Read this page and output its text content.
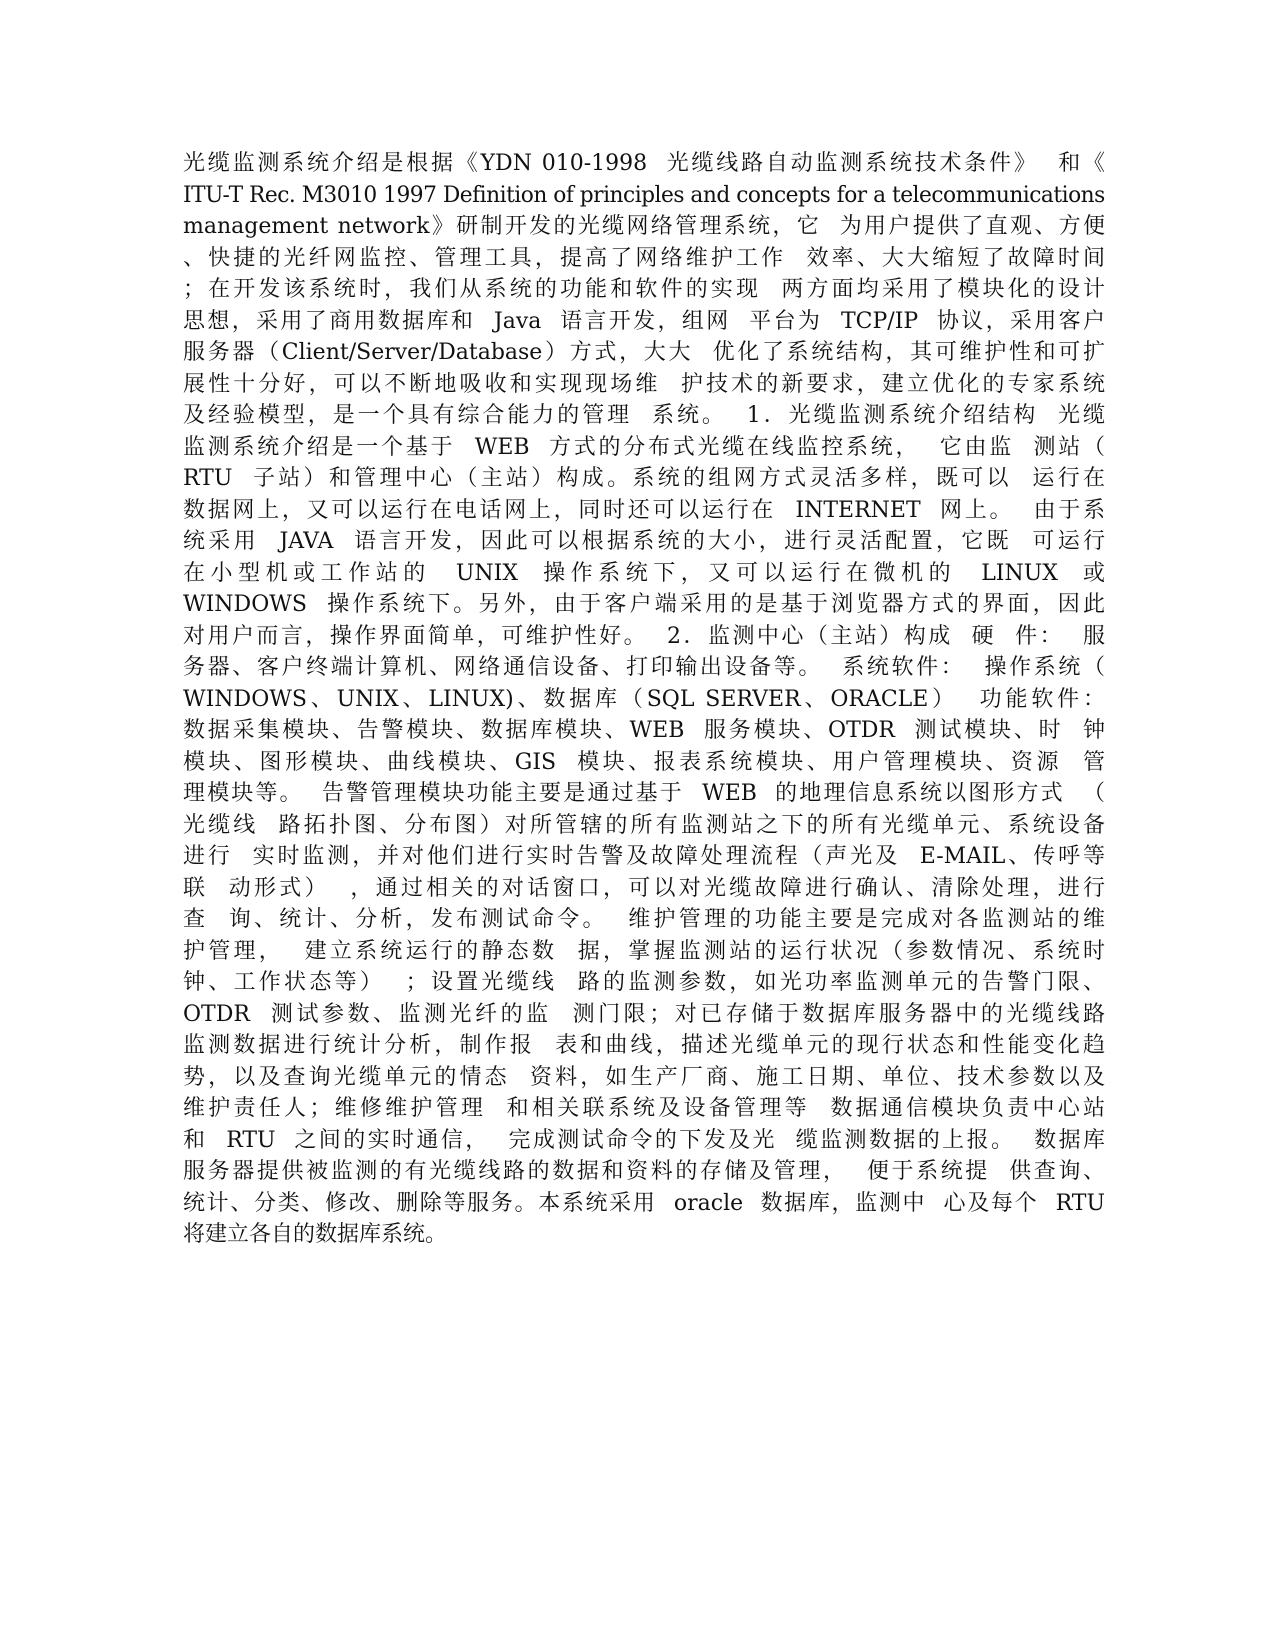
光缆监测系统介绍是根据《YDN 010-1998  光缆线路自动监测系统技术条件》  和《
ITU-T Rec. M3010 1997 Definition of principles and concepts for a telecommunications
management network》研制开发的光缆网络管理系统，它  为用户提供了直观、方便
、快捷的光纤网监控、管理工具，提高了网络维护工作  效率、大大缩短了故障时间
；在开发该系统时，我们从系统的功能和软件的实现  两方面均采用了模块化的设计
思想，采用了商用数据库和  Java  语言开发，组网  平台为  TCP/IP  协议，采用客户
服务器（Client/Server/Database）方式，大大  优化了系统结构，其可维护性和可扩
展性十分好，可以不断地吸收和实现现场维  护技术的新要求，建立优化的专家系统
及经验模型，是一个具有综合能力的管理  系统。  1．光缆监测系统介绍结构  光缆
监测系统介绍是一个基于  WEB  方式的分布式光缆在线监控系统，  它由监  测站（
RTU  子站）和管理中心（主站）构成。系统的组网方式灵活多样，既可以  运行在
数据网上，又可以运行在电话网上，同时还可以运行在  INTERNET  网上。  由于系
统采用  JAVA  语言开发，因此可以根据系统的大小，进行灵活配置，它既  可运行
在小型机或工作站的  UNIX  操作系统下，又可以运行在微机的  LINUX  或
WINDOWS  操作系统下。另外，由于客户端采用的是基于浏览器方式的界面，因此
对用户而言，操作界面简单，可维护性好。  2．监测中心（主站）构成  硬  件：  服
务器、客户终端计算机、网络通信设备、打印输出设备等。  系统软件：  操作系统（
WINDOWS、UNIX、LINUX)、数据库（SQL SERVER、ORACLE）  功能软件：
数据采集模块、告警模块、数据库模块、WEB  服务模块、OTDR  测试模块、时  钟
模块、图形模块、曲线模块、GIS  模块、报表系统模块、用户管理模块、资源  管
理模块等。  告警管理模块功能主要是通过基于  WEB  的地理信息系统以图形方式  （
光缆线  路拓扑图、分布图）对所管辖的所有监测站之下的所有光缆单元、系统设备
进行  实时监测，并对他们进行实时告警及故障处理流程（声光及  E-MAIL、传呼等
联  动形式）  ，通过相关的对话窗口，可以对光缆故障进行确认、清除处理，进行
查  询、统计、分析，发布测试命令。  维护管理的功能主要是完成对各监测站的维
护管理，  建立系统运行的静态数  据，掌握监测站的运行状况（参数情况、系统时
钟、工作状态等）  ；设置光缆线  路的监测参数，如光功率监测单元的告警门限、
OTDR  测试参数、监测光纤的监  测门限；对已存储于数据库服务器中的光缆线路
监测数据进行统计分析，制作报  表和曲线，描述光缆单元的现行状态和性能变化趋
势，以及查询光缆单元的情态  资料，如生产厂商、施工日期、单位、技术参数以及
维护责任人；维修维护管理  和相关联系统及设备管理等  数据通信模块负责中心站
和  RTU  之间的实时通信，  完成测试命令的下发及光  缆监测数据的上报。  数据库
服务器提供被监测的有光缆线路的数据和资料的存储及管理，  便于系统提  供查询、
统计、分类、修改、删除等服务。本系统采用  oracle  数据库，监测中  心及每个  RTU
将建立各自的数据库系统。
